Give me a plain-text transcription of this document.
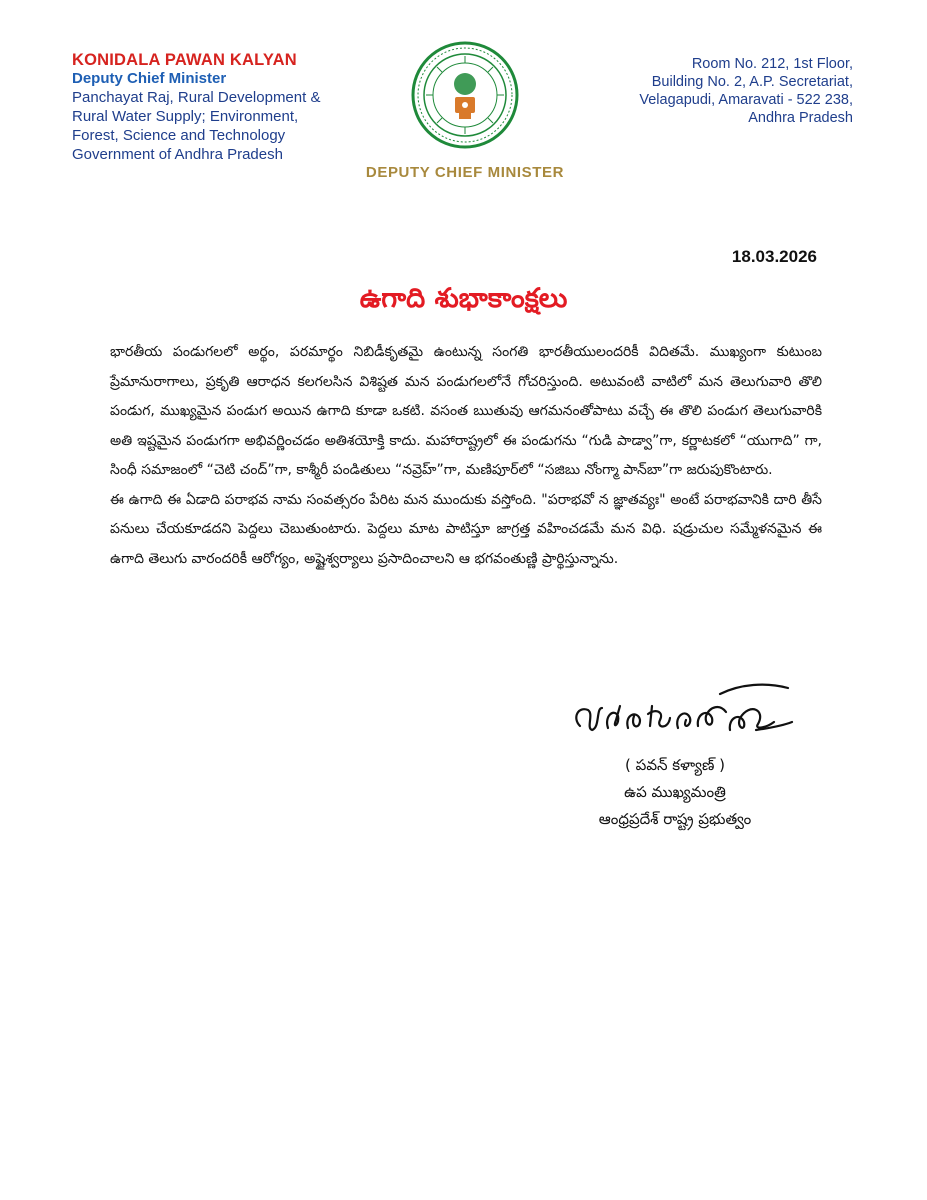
KONIDALA PAWAN KALYAN
Deputy Chief Minister
Panchayat Raj, Rural Development &
Rural Water Supply; Environment,
Forest, Science and Technology
Government of Andhra Pradesh
DEPUTY CHIEF MINISTER
Room No. 212, 1st Floor,
Building No. 2, A.P. Secretariat,
Velagapudi, Amaravati - 522 238,
Andhra Pradesh
18.03.2026
ఉగాది శుభాకాంక్షలు

భారతీయ పండుగలలో అర్థం, పరమార్థం నిబిడీకృతమై ఉంటున్న సంగతి భారతీయులందరికీ విదితమే. ముఖ్యంగా కుటుంబ ప్రేమానురాగాలు, ప్రకృతి ఆరాధన కలగలసిన విశిష్టత మన పండుగలలోనే గోచరిస్తుంది. అటువంటి వాటిలో మన తెలుగువారి తొలి పండుగ, ముఖ్యమైన పండుగ అయిన ఉగాది కూడా ఒకటి. వసంత ఋతువు ఆగమనంతోపాటు వచ్చే ఈ తొలి పండుగ తెలుగువారికి అతి ఇష్టమైన పండుగగా అభివర్ణించడం అతిశయోక్తి కాదు. మహారాష్ట్రలో ఈ పండుగను “గుడి పాడ్వా”గా, కర్ణాటకలో “యుగాది” గా, సింధీ సమాజంలో “చెటి చంద్”గా, కాశ్మీరీ పండితులు “నవ్రెహ్”గా, మణిపూర్‌లో “సజిబు నోంగ్మా పాన్‌బా”గా జరుపుకొంటారు.

ఈ ఉగాది ఈ ఏడాది పరాభవ నామ సంవత్సరం పేరిట మన ముందుకు వస్తోంది. "పరాభవో న జ్ఞాతవ్యః" అంటే పరాభవానికి దారి తీసే పనులు చేయకూడదని పెద్దలు చెబుతుంటారు. పెద్దలు మాట పాటిస్తూ జాగ్రత్త వహించడమే మన విధి. షడ్రుచుల సమ్మేళనమైన ఈ ఉగాది తెలుగు వారందరికీ ఆరోగ్యం, అష్టైశ్వర్యాలు ప్రసాదించాలని ఆ భగవంతుణ్ణి ప్రార్థిస్తున్నాను.

( పవన్ కళ్యాణ్ )
ఉప ముఖ్యమంత్రి
ఆంధ్రప్రదేశ్ రాష్ట్ర ప్రభుత్వం
